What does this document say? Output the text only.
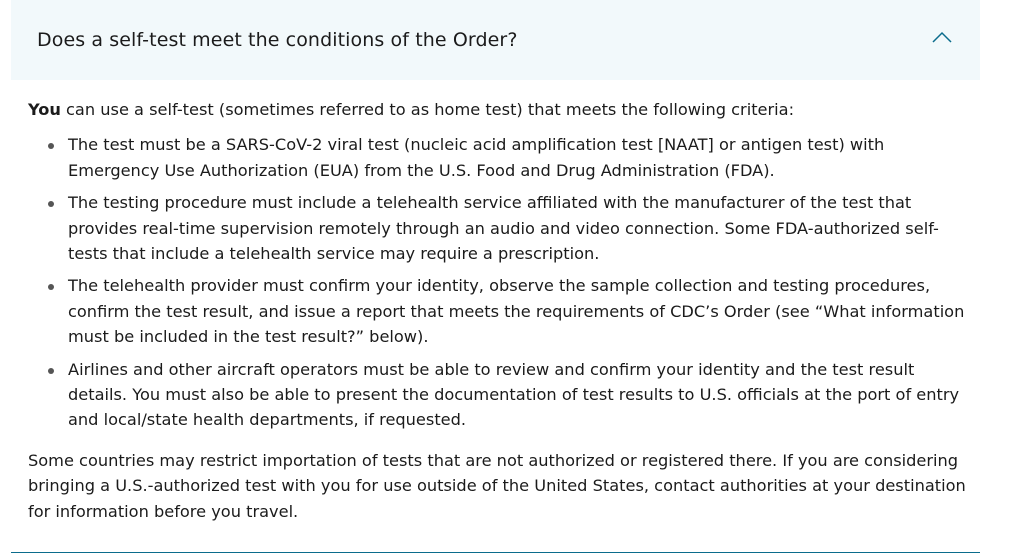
Does a self-test meet the conditions of the Order?

You can use a self-test (sometimes referred to as home test) that meets the following criteria:

The test must be a SARS-CoV-2 viral test (nucleic acid amplification test [NAAT] or antigen test) with Emergency Use Authorization (EUA) from the U.S. Food and Drug Administration (FDA).
The testing procedure must include a telehealth service affiliated with the manufacturer of the test that provides real-time supervision remotely through an audio and video connection. Some FDA-authorized self-tests that include a telehealth service may require a prescription.
The telehealth provider must confirm your identity, observe the sample collection and testing procedures, confirm the test result, and issue a report that meets the requirements of CDC’s Order (see “What information must be included in the test result?” below).
Airlines and other aircraft operators must be able to review and confirm your identity and the test result details. You must also be able to present the documentation of test results to U.S. officials at the port of entry and local/state health departments, if requested.

Some countries may restrict importation of tests that are not authorized or registered there. If you are considering bringing a U.S.-authorized test with you for use outside of the United States, contact authorities at your destination for information before you travel.
